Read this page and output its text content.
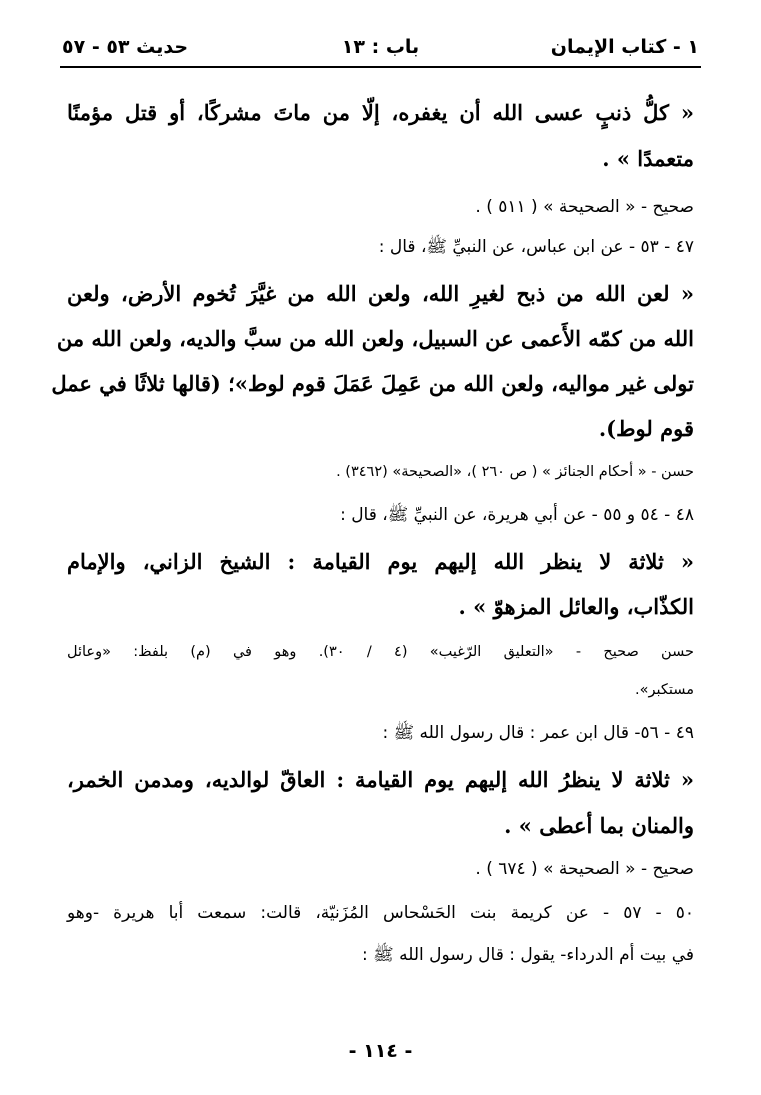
١ - كتاب الإيمان
باب : ١٣
حديث ٥٣ - ٥٧
« كلُّ ذنبٍ عسى الله أن يغفره، إلّا من ماتَ مشركًا، أو قتل مؤمنًا
متعمدًا » .
صحيح - « الصحيحة » ( ٥١١ ) .
٤٧ - ٥٣ - عن ابن عباس، عن النبيِّ ﷺ، قال :
« لعن الله من ذبح لغيرِ الله، ولعن الله من غيَّرَ تُخوم الأرض، ولعن
الله من كمّه الأَعمى عن السبيل، ولعن الله من سبَّ والديه، ولعن الله من
تولى غير مواليه، ولعن الله من عَمِلَ عَمَلَ قوم لوط»؛ (قالها ثلاثًا في عمل
قوم لوط).
حسن - « أحكام الجنائز » ( ص ٢٦٠ )، «الصحيحة» (٣٤٦٢) .
٤٨ - ٥٤ و ٥٥ - عن أبي هريرة، عن النبيِّ ﷺ، قال :
« ثلاثة لا ينظر الله إليهم يوم القيامة : الشيخ الزاني، والإمام
الكذّاب، والعائل المزهوّ » .
حسن صحيح - «التعليق الرّغيب» (٤ / ٣٠). وهو في (م) بلفظ: «وعائل
مستكبر».
٤٩ - ٥٦- قال ابن عمر : قال رسول الله ﷺ :
« ثلاثة لا ينظرُ الله إليهم يوم القيامة : العاقّ لوالديه، ومدمن الخمر،
والمنان بما أعطى » .
صحيح - « الصحيحة » ( ٦٧٤ ) .
٥٠ - ٥٧ - عن كريمة بنت الحَسْحاس المُزَنيّة، قالت: سمعت أبا هريرة -وهو
في بيت أم الدرداء- يقول : قال رسول الله ﷺ :
- ١١٤ -
